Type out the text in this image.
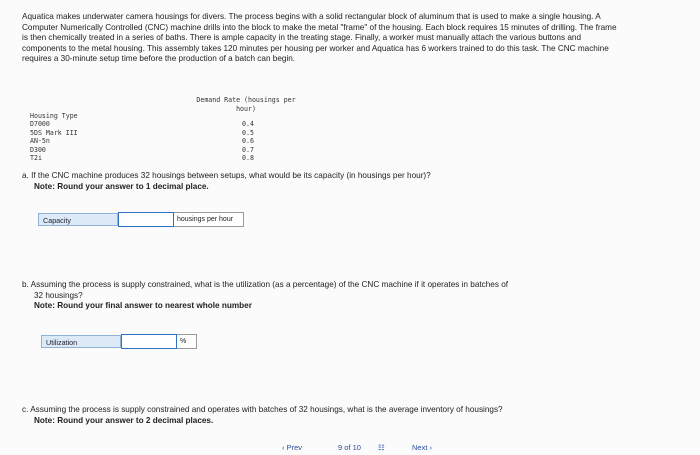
Aquatica makes underwater camera housings for divers. The process begins with a solid rectangular block of aluminum that is used to make a single housing. A Computer Numerically Controlled (CNC) machine drills into the block to make the metal "frame" of the housing. Each block requires 15 minutes of drilling. The frame is then chemically treated in a series of baths. There is ample capacity in the treating stage. Finally, a worker must manually attach the various buttons and components to the metal housing. This assembly takes 120 minutes per housing per worker and Aquatica has 6 workers trained to do this task. The CNC machine requires a 30-minute setup time before the production of a batch can begin.
Demand Rate (housings per
hour)
Housing Type
D7000	0.4
5DS Mark III	0.5
AN-5n	0.6
D300	0.7
T2i	0.8
a. If the CNC machine produces 32 housings between setups, what would be its capacity (in housings per hour)?
Note: Round your answer to 1 decimal place.
Capacity	housings per hour
b. Assuming the process is supply constrained, what is the utilization (as a percentage) of the CNC machine if it operates in batches of
32 housings?
Note: Round your final answer to nearest whole number
Utilization	%
c. Assuming the process is supply constrained and operates with batches of 32 housings, what is the average inventory of housings?
Note: Round your answer to 2 decimal places.
‹ Prev	9 of 10 ☷	Next ›
